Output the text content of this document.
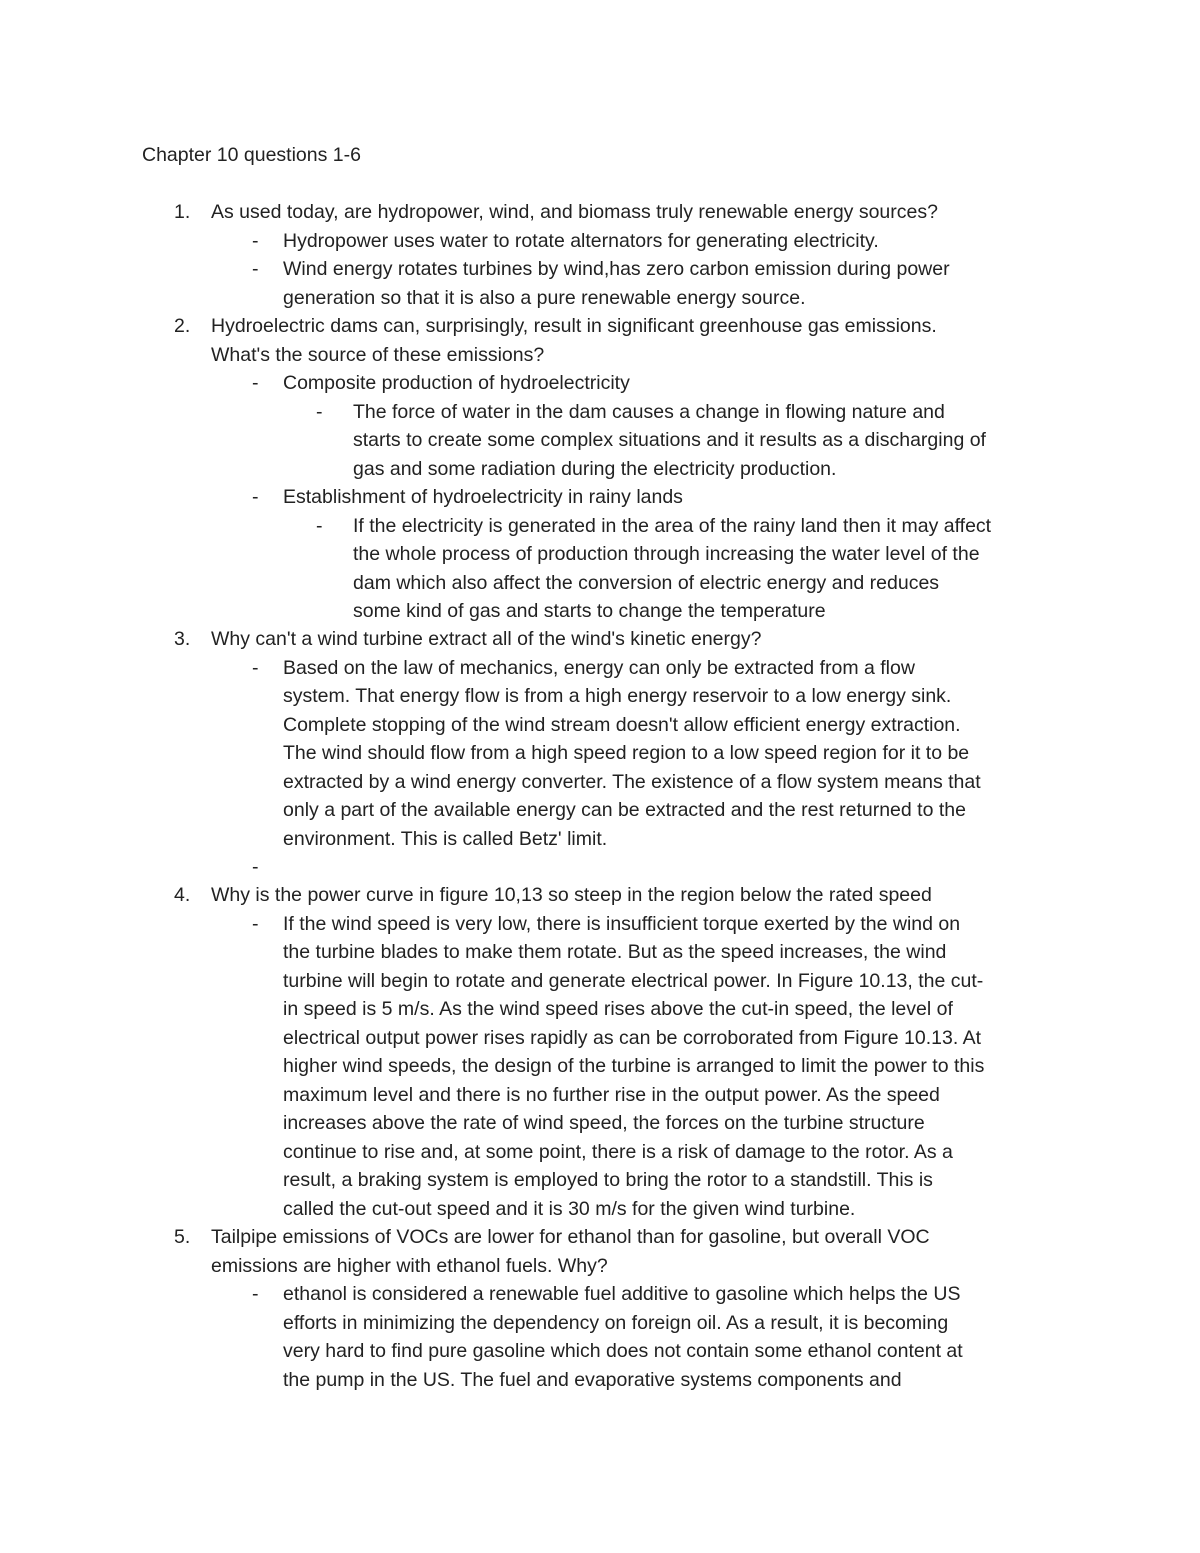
Chapter 10 questions 1-6
1. As used today, are hydropower, wind, and biomass truly renewable energy sources?
- Hydropower uses water to rotate alternators for generating electricity.
- Wind energy rotates turbines by wind,has zero carbon emission during power
generation so that it is also a pure renewable energy source.
2. Hydroelectric dams can, surprisingly, result in significant greenhouse gas emissions.
What's the source of these emissions?
- Composite production of hydroelectricity
- The force of water in the dam causes a change in flowing nature and
starts to create some complex situations and it results as a discharging of
gas and some radiation during the electricity production.
- Establishment of hydroelectricity in rainy lands
- If the electricity is generated in the area of the rainy land then it may affect
the whole process of production through increasing the water level of the
dam which also affect the conversion of electric energy and reduces
some kind of gas and starts to change the temperature
3. Why can't a wind turbine extract all of the wind's kinetic energy?
- Based on the law of mechanics, energy can only be extracted from a flow
system. That energy flow is from a high energy reservoir to a low energy sink.
Complete stopping of the wind stream doesn't allow efficient energy extraction.
The wind should flow from a high speed region to a low speed region for it to be
extracted by a wind energy converter. The existence of a flow system means that
only a part of the available energy can be extracted and the rest returned to the
environment. This is called Betz' limit.
-
4. Why is the power curve in figure 10,13 so steep in the region below the rated speed
- If the wind speed is very low, there is insufficient torque exerted by the wind on
the turbine blades to make them rotate. But as the speed increases, the wind
turbine will begin to rotate and generate electrical power. In Figure 10.13, the cut-
in speed is 5 m/s. As the wind speed rises above the cut-in speed, the level of
electrical output power rises rapidly as can be corroborated from Figure 10.13. At
higher wind speeds, the design of the turbine is arranged to limit the power to this
maximum level and there is no further rise in the output power. As the speed
increases above the rate of wind speed, the forces on the turbine structure
continue to rise and, at some point, there is a risk of damage to the rotor. As a
result, a braking system is employed to bring the rotor to a standstill. This is
called the cut-out speed and it is 30 m/s for the given wind turbine.
5. Tailpipe emissions of VOCs are lower for ethanol than for gasoline, but overall VOC
emissions are higher with ethanol fuels. Why?
- ethanol is considered a renewable fuel additive to gasoline which helps the US
efforts in minimizing the dependency on foreign oil. As a result, it is becoming
very hard to find pure gasoline which does not contain some ethanol content at
the pump in the US. The fuel and evaporative systems components and
